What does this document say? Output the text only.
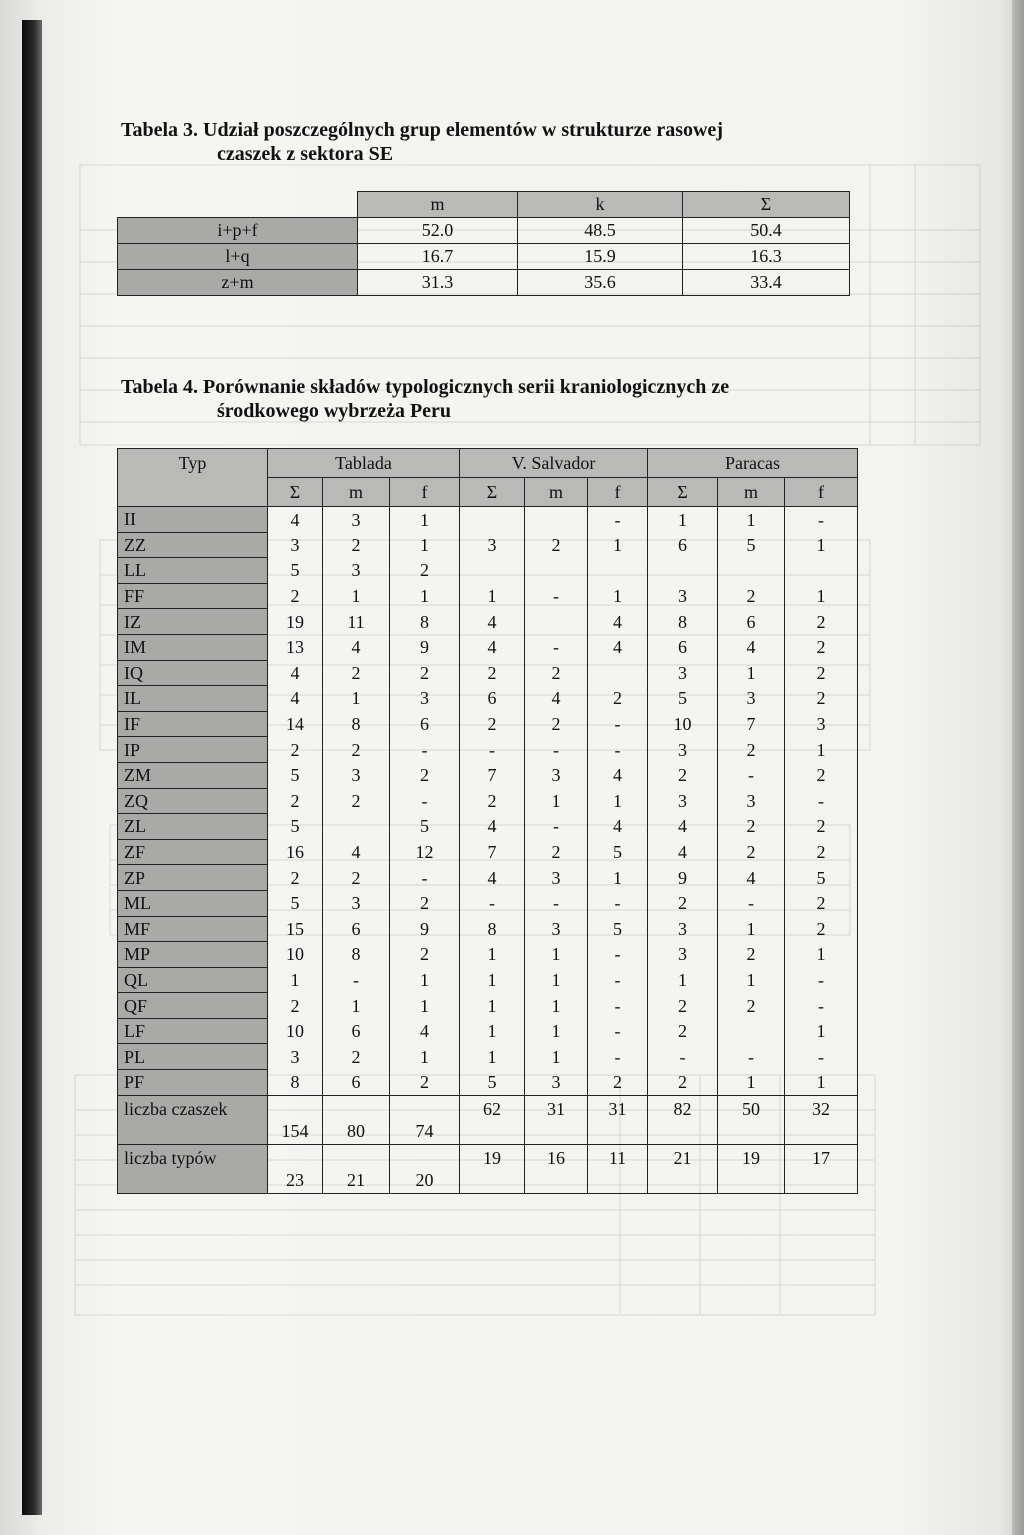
Tabela 3. Udział poszczególnych grup elementów w strukturze rasowej
czaszek z sektora SE
	m	k	Σ
i+p+f	52.0	48.5	50.4
l+q	16.7	15.9	16.3
z+m	31.3	35.6	33.4
Tabela 4. Porównanie składów typologicznych serii kraniologicznych ze
środkowego wybrzeża Peru
Typ	Tablada			V. Salvador			Paracas		
	Σ	m	f	Σ	m	f	Σ	m	f
II	4	3	1			-	1	1	-
ZZ	3	2	1	3	2	1	6	5	1
LL	5	3	2						
FF	2	1	1	1	-	1	3	2	1
IZ	19	11	8	4		4	8	6	2
IM	13	4	9	4	-	4	6	4	2
IQ	4	2	2	2	2		3	1	2
IL	4	1	3	6	4	2	5	3	2
IF	14	8	6	2	2	-	10	7	3
IP	2	2	-	-	-	-	3	2	1
ZM	5	3	2	7	3	4	2	-	2
ZQ	2	2	-	2	1	1	3	3	-
ZL	5		5	4	-	4	4	2	2
ZF	16	4	12	7	2	5	4	2	2
ZP	2	2	-	4	3	1	9	4	5
ML	5	3	2	-	-	-	2	-	2
MF	15	6	9	8	3	5	3	1	2
MP	10	8	2	1	1	-	3	2	1
QL	1	-	1	1	1	-	1	1	-
QF	2	1	1	1	1	-	2	2	-
LF	10	6	4	1	1	-	2		1
PL	3	2	1	1	1	-	-	-	-
PF	8	6	2	5	3	2	2	1	1
liczba czaszek	154	80	74	62	31	31	82	50	32
liczba typów	23	21	20	19	16	11	21	19	17
